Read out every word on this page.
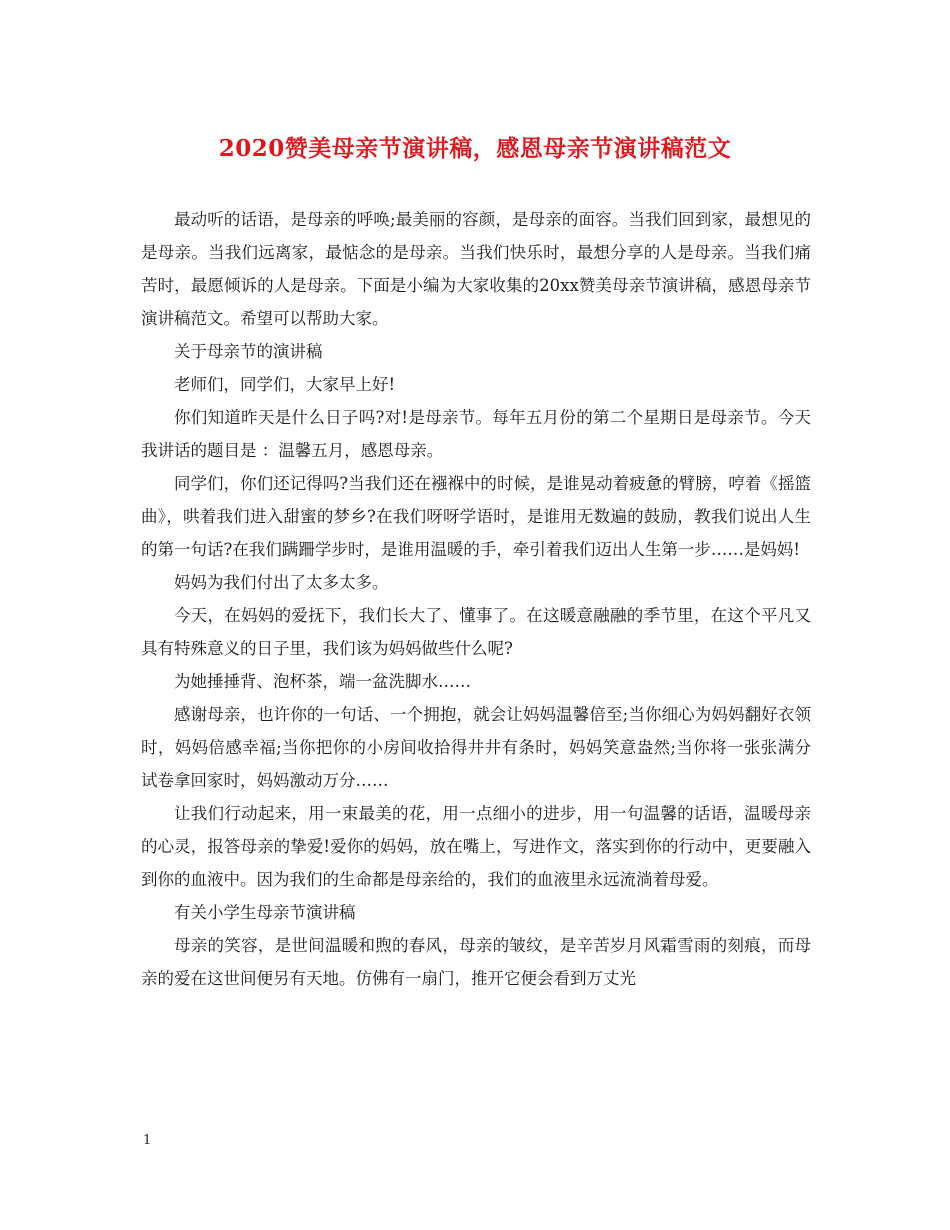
2020赞美母亲节演讲稿，感恩母亲节演讲稿范文

最动听的话语，是母亲的呼唤;最美丽的容颜，是母亲的面容。当我们回到家，最想见的是母亲。当我们远离家，最惦念的是母亲。当我们快乐时，最想分享的人是母亲。当我们痛苦时，最愿倾诉的人是母亲。下面是小编为大家收集的20xx赞美母亲节演讲稿，感恩母亲节演讲稿范文。希望可以帮助大家。

关于母亲节的演讲稿

老师们，同学们，大家早上好!

你们知道昨天是什么日子吗?对!是母亲节。每年五月份的第二个星期日是母亲节。今天我讲话的题目是 ：温馨五月，感恩母亲。

同学们，你们还记得吗?当我们还在襁褓中的时候，是谁晃动着疲惫的臂膀，哼着《摇篮曲》，哄着我们进入甜蜜的梦乡?在我们呀呀学语时，是谁用无数遍的鼓励，教我们说出人生的第一句话?在我们蹒跚学步时，是谁用温暖的手，牵引着我们迈出人生第一步……是妈妈!

妈妈为我们付出了太多太多。

今天，在妈妈的爱抚下，我们长大了、懂事了。在这暖意融融的季节里，在这个平凡又具有特殊意义的日子里，我们该为妈妈做些什么呢?

为她捶捶背、泡杯茶，端一盆洗脚水……

感谢母亲，也许你的一句话、一个拥抱，就会让妈妈温馨倍至;当你细心为妈妈翻好衣领时，妈妈倍感幸福;当你把你的小房间收拾得井井有条时，妈妈笑意盎然;当你将一张张满分试卷拿回家时，妈妈激动万分……

让我们行动起来，用一束最美的花，用一点细小的进步，用一句温馨的话语，温暖母亲的心灵，报答母亲的挚爱!爱你的妈妈，放在嘴上，写进作文，落实到你的行动中，更要融入到你的血液中。因为我们的生命都是母亲给的，我们的血液里永远流淌着母爱。

有关小学生母亲节演讲稿

母亲的笑容，是世间温暖和煦的春风，母亲的皱纹，是辛苦岁月风霜雪雨的刻痕，而母亲的爱在这世间便另有天地。仿佛有一扇门，推开它便会看到万丈光

1
